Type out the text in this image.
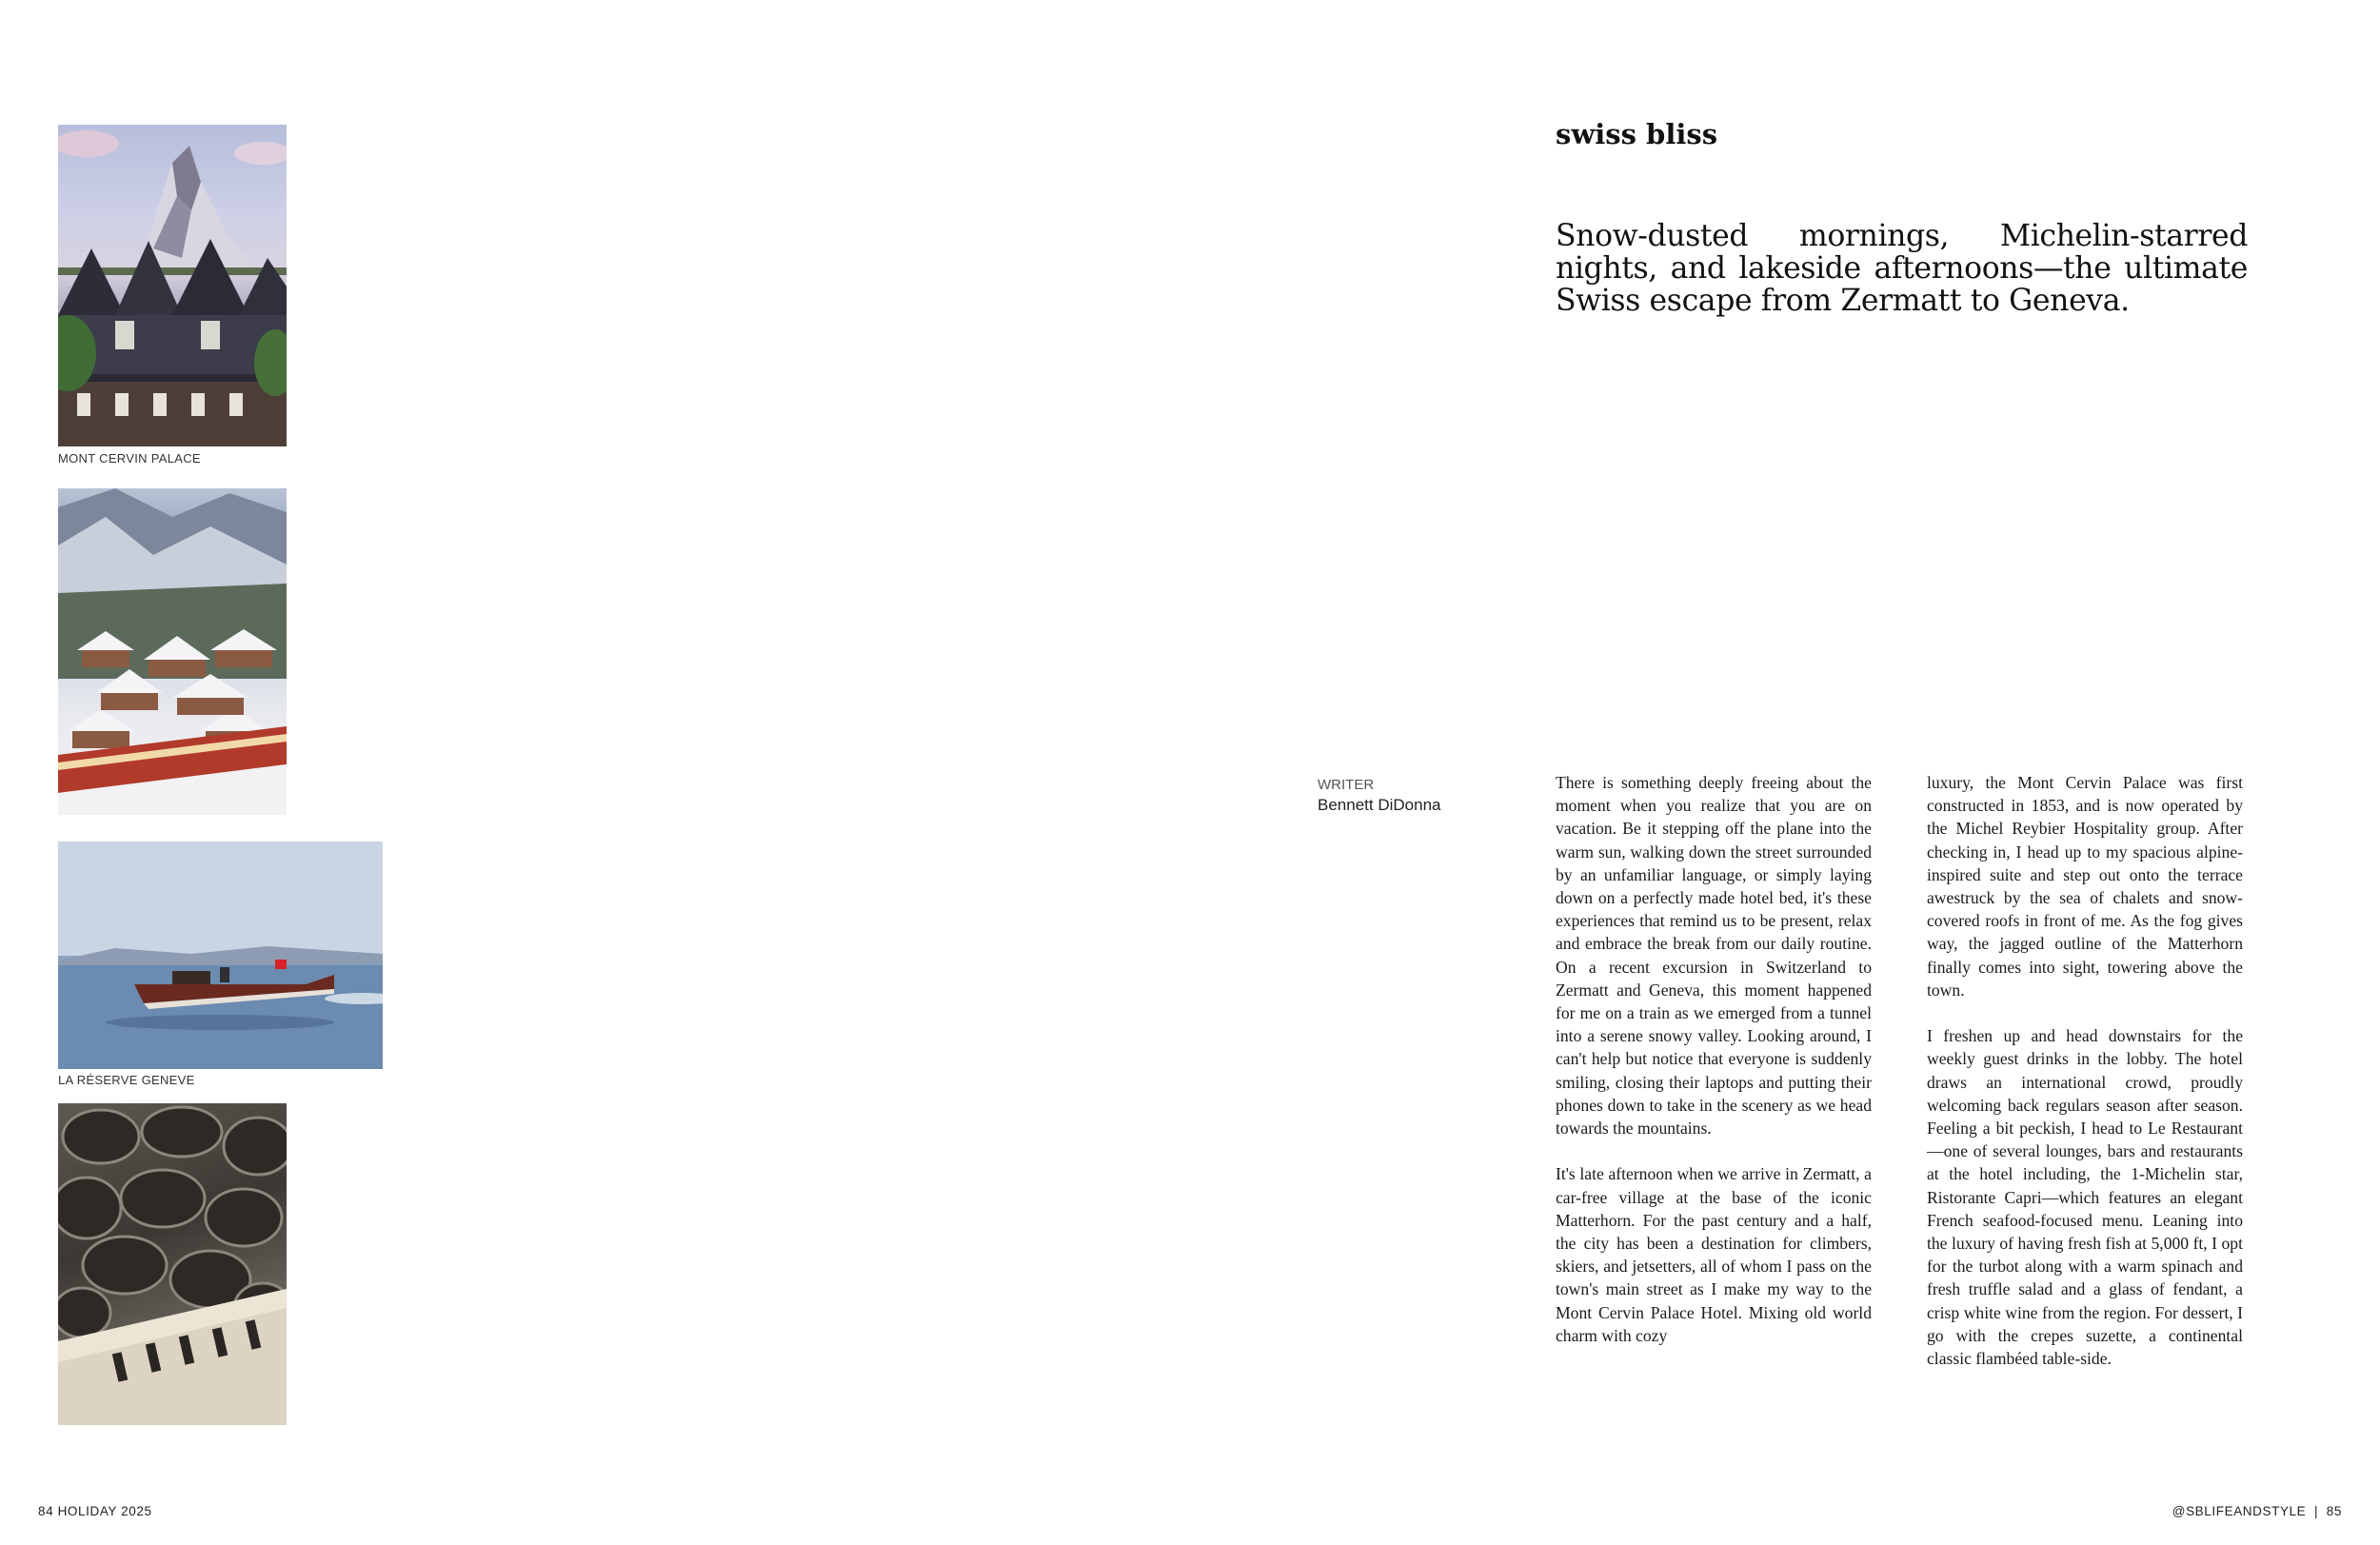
MONT CERVIN PALACE
LA RÉSERVE GENEVE
swiss bliss
Snow-dusted mornings, Michelin-starred nights, and lakeside afternoons—the ultimate Swiss escape from Zermatt to Geneva.
WRITER
Bennett DiDonna

There is something deeply freeing about the moment when you realize that you are on vacation. Be it stepping off the plane into the warm sun, walking down the street surrounded by an unfamiliar language, or simply laying down on a perfectly made hotel bed, it's these experiences that remind us to be present, relax and embrace the break from our daily routine. On a recent excursion in Switzerland to Zermatt and Geneva, this moment happened for me on a train as we emerged from a tunnel into a serene snowy valley. Looking around, I can't help but notice that everyone is suddenly smiling, closing their laptops and putting their phones down to take in the scenery as we head towards the mountains.

It's late afternoon when we arrive in Zermatt, a car-free village at the base of the iconic Matterhorn. For the past century and a half, the city has been a destination for climbers, skiers, and jetsetters, all of whom I pass on the town's main street as I make my way to the Mont Cervin Palace Hotel. Mixing old world charm with cozy

luxury, the Mont Cervin Palace was first constructed in 1853, and is now operated by the Michel Reybier Hospitality group. After checking in, I head up to my spacious alpine-inspired suite and step out onto the terrace awestruck by the sea of chalets and snow-covered roofs in front of me. As the fog gives way, the jagged outline of the Matterhorn finally comes into sight, towering above the town.

I freshen up and head downstairs for the weekly guest drinks in the lobby. The hotel draws an international crowd, proudly welcoming back regulars season after season. Feeling a bit peckish, I head to Le Restaurant—one of several lounges, bars and restaurants at the hotel including, the 1-Michelin star, Ristorante Capri—which features an elegant French seafood-focused menu. Leaning into the luxury of having fresh fish at 5,000 ft, I opt for the turbot along with a warm spinach and fresh truffle salad and a glass of fendant, a crisp white wine from the region. For dessert, I go with the crepes suzette, a continental classic flambéed table-side.

84 HOLIDAY 2025	@SBLIFEANDSTYLE  |  85
